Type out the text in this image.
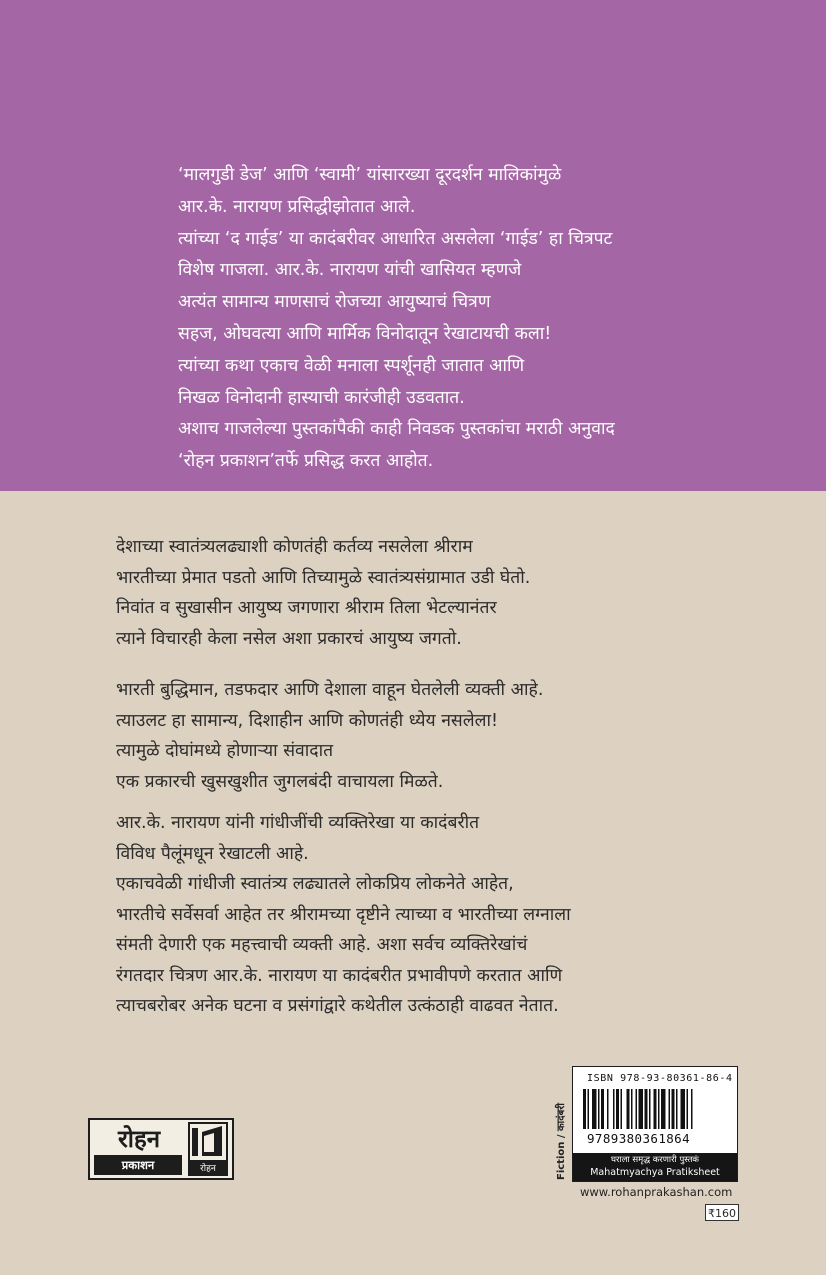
‘मालगुडी डेज’ आणि ‘स्वामी’ यांसारख्या दूरदर्शन मालिकांमुळे
आर.के. नारायण प्रसिद्धीझोतात आले.
त्यांच्या ‘द गाईड’ या कादंबरीवर आधारित असलेला ‘गाईड’ हा चित्रपट
विशेष गाजला. आर.के. नारायण यांची खासियत म्हणजे
अत्यंत सामान्य माणसाचं रोजच्या आयुष्याचं चित्रण
सहज, ओघवत्या आणि मार्मिक विनोदातून रेखाटायची कला!
त्यांच्या कथा एकाच वेळी मनाला स्पर्शूनही जातात आणि
निखळ विनोदानी हास्याची कारंजीही उडवतात.
अशाच गाजलेल्या पुस्तकांपैकी काही निवडक पुस्तकांचा मराठी अनुवाद
‘रोहन प्रकाशन’तर्फे प्रसिद्ध करत आहोत.
देशाच्या स्वातंत्र्यलढ्याशी कोणतंही कर्तव्य नसलेला श्रीराम
भारतीच्या प्रेमात पडतो आणि तिच्यामुळे स्वातंत्र्यसंग्रामात उडी घेतो.
निवांत व सुखासीन आयुष्य जगणारा श्रीराम तिला भेटल्यानंतर
त्याने विचारही केला नसेल अशा प्रकारचं आयुष्य जगतो.
भारती बुद्धिमान, तडफदार आणि देशाला वाहून घेतलेली व्यक्ती आहे.
त्याउलट हा सामान्य, दिशाहीन आणि कोणतंही ध्येय नसलेला!
त्यामुळे दोघांमध्ये होणाऱ्या संवादात
एक प्रकारची खुसखुशीत जुगलबंदी वाचायला मिळते.
आर.के. नारायण यांनी गांधीजींची व्यक्तिरेखा या कादंबरीत
विविध पैलूंमधून रेखाटली आहे.
एकाचवेळी गांधीजी स्वातंत्र्य लढ्यातले लोकप्रिय लोकनेते आहेत,
भारतीचे सर्वेसर्वा आहेत तर श्रीरामच्या दृष्टीने त्याच्या व भारतीच्या लग्नाला
संमती देणारी एक महत्त्वाची व्यक्ती आहे. अशा सर्वच व्यक्तिरेखांचं
रंगतदार चित्रण आर.के. नारायण या कादंबरीत प्रभावीपणे करतात आणि
त्याचबरोबर अनेक घटना व प्रसंगांद्वारे कथेतील उत्कंठाही वाढवत नेतात.
रोहन
प्रकाशन	रोहन
ISBN 978-93-80361-86-4
9789380361864
घराला समृद्ध करणारी पुस्तकं
Mahatmyachya Pratiksheet
Fiction / कादंबरी
www.rohanprakashan.com
₹160
